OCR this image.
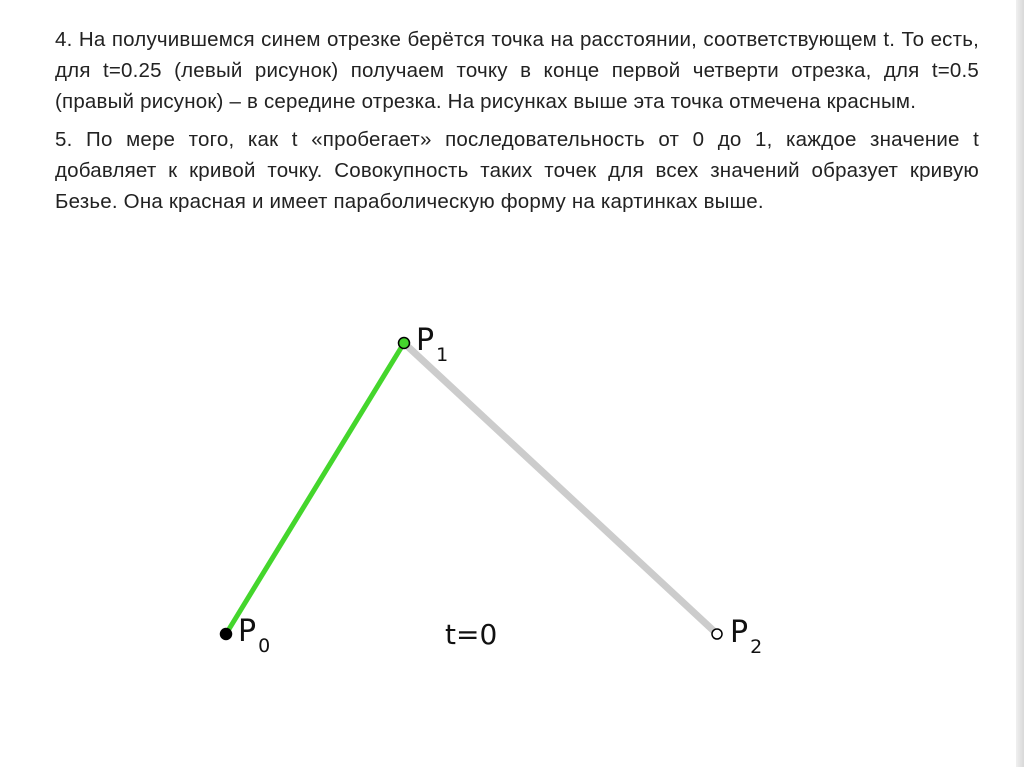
4. На получившемся синем отрезке берётся точка на расстоянии, соответствующем t. То есть, для t=0.25 (левый рисунок) получаем точку в конце первой четверти отрезка, для t=0.5 (правый рисунок) – в середине отрезка. На рисунках выше эта точка отмечена красным.

5. По мере того, как t «пробегает» последовательность от 0 до 1, каждое значение t добавляет к кривой точку. Совокупность таких точек для всех значений образует кривую Безье. Она красная и имеет параболическую форму на картинках выше.

P $_0$
P $_1$
P $_2$
t=0
